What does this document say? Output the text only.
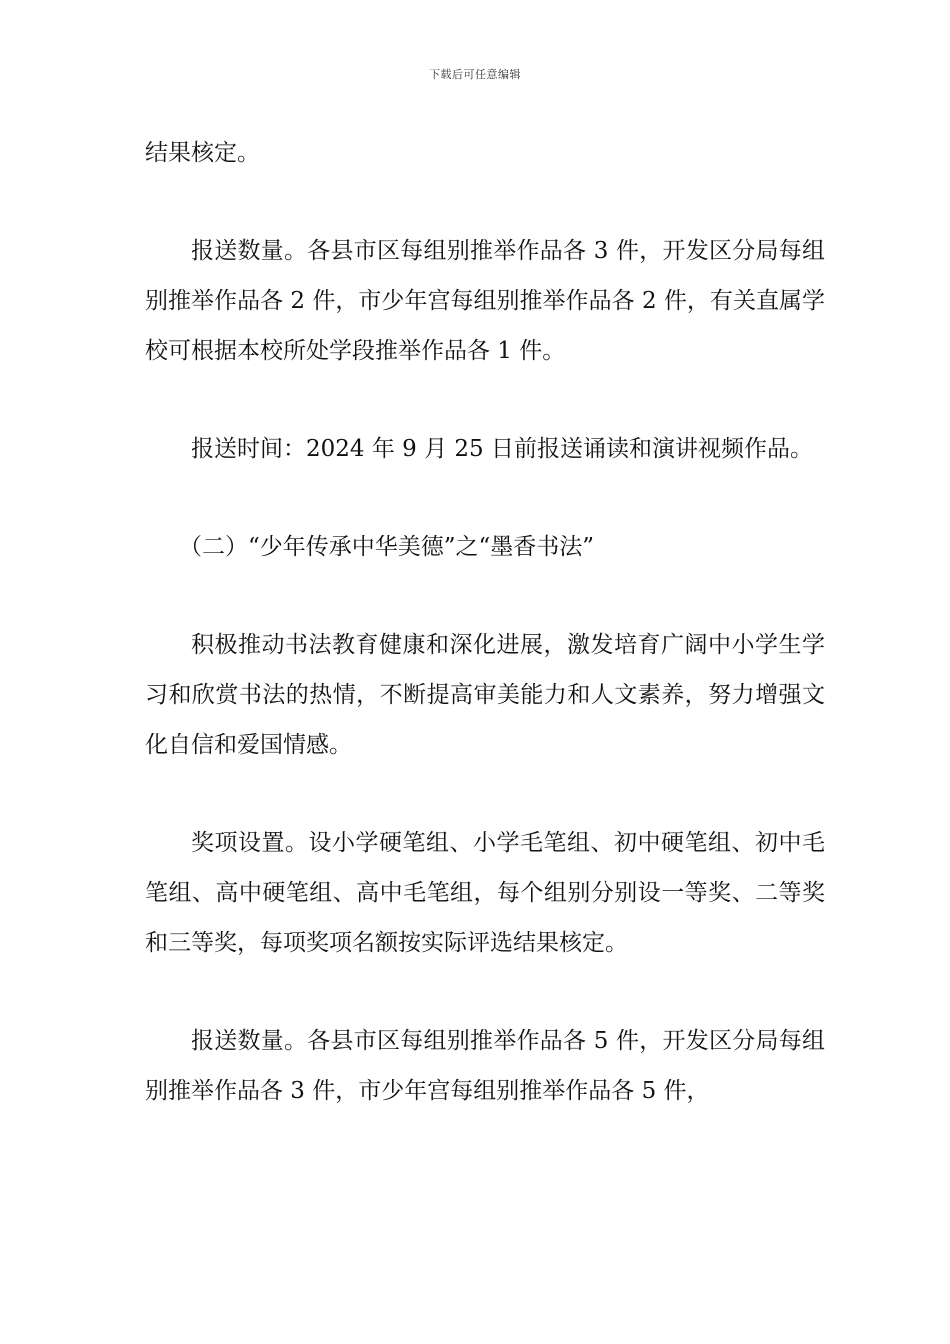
下载后可任意编辑

结果核定。

报送数量。各县市区每组别推举作品各 3 件，开发区分局每组别推举作品各 2 件，市少年宫每组别推举作品各 2 件，有关直属学校可根据本校所处学段推举作品各 1 件。

报送时间：2024 年 9 月 25 日前报送诵读和演讲视频作品。

（二）“少年传承中华美德”之“墨香书法”

积极推动书法教育健康和深化进展，激发培育广阔中小学生学习和欣赏书法的热情，不断提高审美能力和人文素养，努力增强文化自信和爱国情感。

奖项设置。设小学硬笔组、小学毛笔组、初中硬笔组、初中毛笔组、高中硬笔组、高中毛笔组，每个组别分别设一等奖、二等奖和三等奖，每项奖项名额按实际评选结果核定。

报送数量。各县市区每组别推举作品各 5 件，开发区分局每组别推举作品各 3 件，市少年宫每组别推举作品各 5 件，
